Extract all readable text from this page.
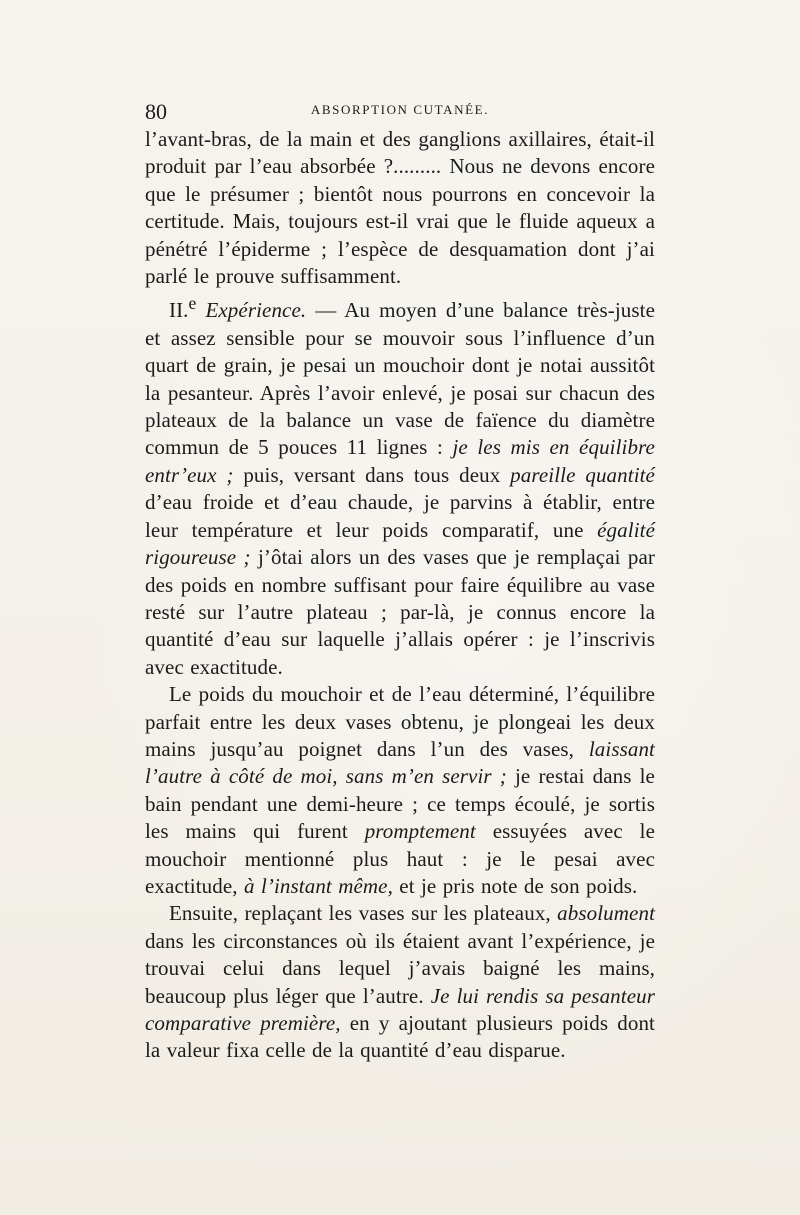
80	ABSORPTION CUTANÉE.

l’avant-bras, de la main et des ganglions axillaires, était-il produit par l’eau absorbée ?......... Nous ne devons encore que le présumer ; bientôt nous pourrons en concevoir la certitude. Mais, toujours est-il vrai que le fluide aqueux a pénétré l’épiderme ; l’espèce de desquamation dont j’ai parlé le prouve suffisamment.

II.$^e$ Expérience. — Au moyen d’une balance très-juste et assez sensible pour se mouvoir sous l’influence d’un quart de grain, je pesai un mouchoir dont je notai aussitôt la pesanteur. Après l’avoir enlevé, je posai sur chacun des plateaux de la balance un vase de faïence du diamètre commun de 5 pouces 11 lignes : je les mis en équilibre entr’eux ; puis, versant dans tous deux pareille quantité d’eau froide et d’eau chaude, je parvins à établir, entre leur température et leur poids comparatif, une égalité rigoureuse ; j’ôtai alors un des vases que je remplaçai par des poids en nombre suffisant pour faire équilibre au vase resté sur l’autre plateau ; par-là, je connus encore la quantité d’eau sur laquelle j’allais opérer : je l’inscrivis avec exactitude.

Le poids du mouchoir et de l’eau déterminé, l’équilibre parfait entre les deux vases obtenu, je plongeai les deux mains jusqu’au poignet dans l’un des vases, laissant l’autre à côté de moi, sans m’en servir ; je restai dans le bain pendant une demi-heure ; ce temps écoulé, je sortis les mains qui furent promptement essuyées avec le mouchoir mentionné plus haut : je le pesai avec exactitude, à l’instant même, et je pris note de son poids.

Ensuite, replaçant les vases sur les plateaux, absolument dans les circonstances où ils étaient avant l’expérience, je trouvai celui dans lequel j’avais baigné les mains, beaucoup plus léger que l’autre. Je lui rendis sa pesanteur comparative première, en y ajoutant plusieurs poids dont la valeur fixa celle de la quantité d’eau disparue.
